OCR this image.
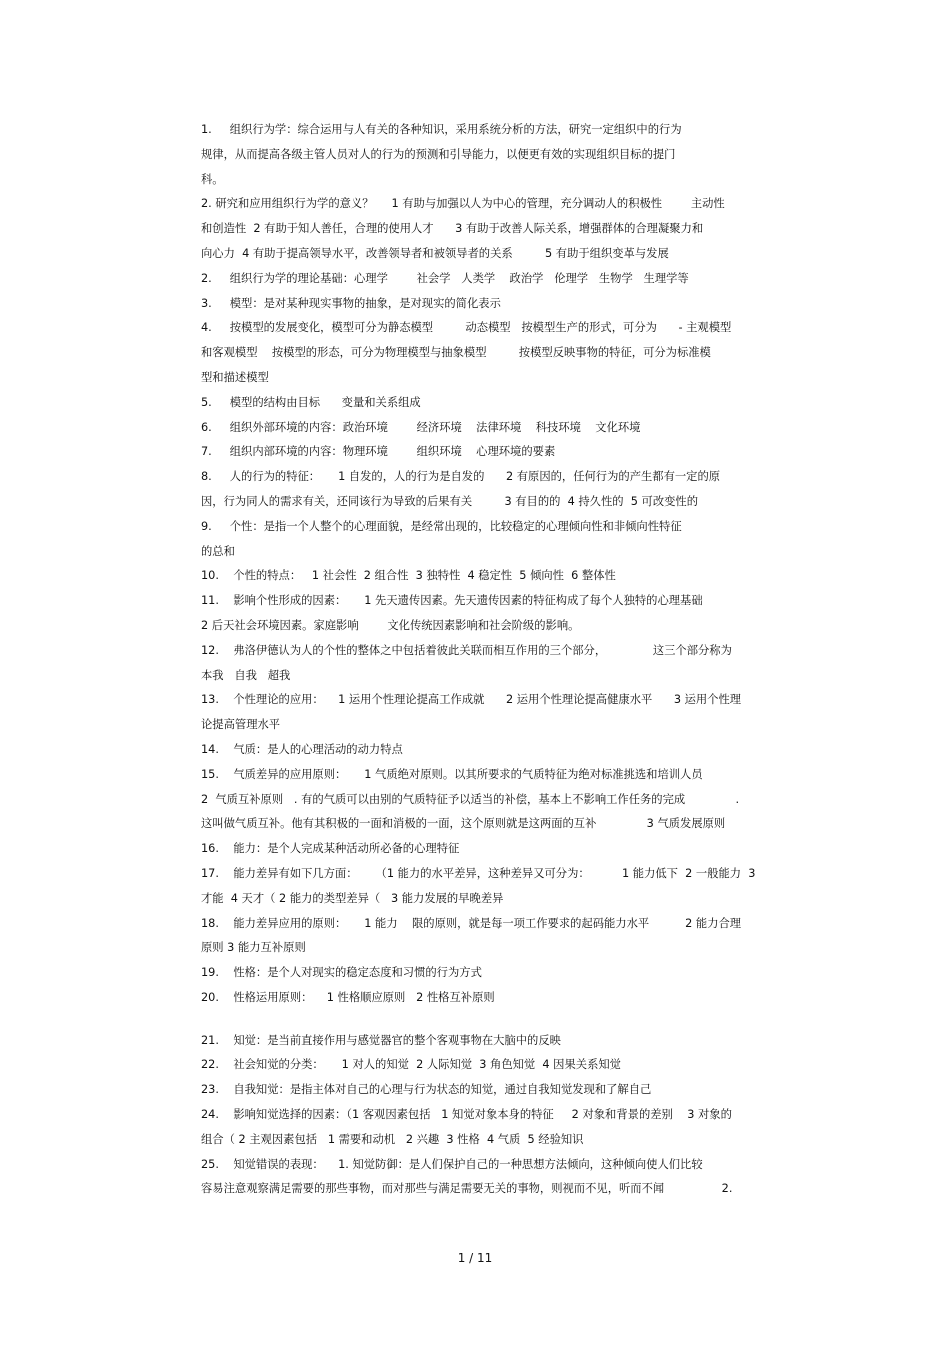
1.     组织行为学：综合运用与人有关的各种知识，采用系统分析的方法，研究一定组织中的行为
规律，从而提高各级主管人员对人的行为的预测和引导能力，以便更有效的实现组织目标的提门
科。
2. 研究和应用组织行为学的意义？     1 有助与加强以人为中心的管理，充分调动人的积极性        主动性
和创造性  2 有助于知人善任，合理的使用人才      3 有助于改善人际关系，增强群体的合理凝聚力和
向心力  4 有助于提高领导水平，改善领导者和被领导者的关系         5 有助于组织变革与发展
2.     组织行为学的理论基础：心理学        社会学   人类学    政治学   伦理学   生物学   生理学等
3.     模型：是对某种现实事物的抽象，是对现实的简化表示
4.     按模型的发展变化，模型可分为静态模型         动态模型   按模型生产的形式，可分为      - 主观模型
和客观模型    按模型的形态，可分为物理模型与抽象模型         按模型反映事物的特征，可分为标准模
型和描述模型
5.     模型的结构由目标      变量和关系组成
6.     组织外部环境的内容：政治环境        经济环境    法律环境    科技环境    文化环境
7.     组织内部环境的内容：物理环境        组织环境    心理环境的要素
8.     人的行为的特征：     1 自发的，人的行为是自发的      2 有原因的，任何行为的产生都有一定的原
因，行为同人的需求有关，还同该行为导致的后果有关         3 有目的的  4 持久性的  5 可改变性的
9.     个性：是指一个人整个的心理面貌，是经常出现的，比较稳定的心理倾向性和非倾向性特征
的总和
10.    个性的特点：   1 社会性  2 组合性  3 独特性  4 稳定性  5 倾向性  6 整体性
11.    影响个性形成的因素：     1 先天遗传因素。先天遗传因素的特征构成了每个人独特的心理基础
2 后天社会环境因素。家庭影响        文化传统因素影响和社会阶级的影响。
12.    弗洛伊德认为人的个性的整体之中包括着彼此关联而相互作用的三个部分，             这三个部分称为
本我   自我   超我
13.    个性理论的应用：    1 运用个性理论提高工作成就      2 运用个性理论提高健康水平      3 运用个性理
论提高管理水平
14.    气质：是人的心理活动的动力特点
15.    气质差异的应用原则：     1 气质绝对原则。以其所要求的气质特征为绝对标准挑选和培训人员
2  气质互补原则   . 有的气质可以由别的气质特征予以适当的补偿，基本上不影响工作任务的完成              .
这叫做气质互补。他有其积极的一面和消极的一面，这个原则就是这两面的互补              3 气质发展原则
16.    能力：是个人完成某种活动所必备的心理特征
17.    能力差异有如下几方面：     （1 能力的水平差异，这种差异又可分为：         1 能力低下  2 一般能力  3
才能  4 天才（ 2 能力的类型差异（   3 能力发展的早晚差异
18.    能力差异应用的原则：     1 能力    限的原则，就是每一项工作要求的起码能力水平          2 能力合理
原则 3 能力互补原则
19.    性格：是个人对现实的稳定态度和习惯的行为方式
20.    性格运用原则：    1 性格顺应原则   2 性格互补原则
21.    知觉：是当前直接作用与感觉器官的整个客观事物在大脑中的反映
22.    社会知觉的分类：     1 对人的知觉  2 人际知觉  3 角色知觉  4 因果关系知觉
23.    自我知觉：是指主体对自己的心理与行为状态的知觉，通过自我知觉发现和了解自己
24.    影响知觉选择的因素：（1 客观因素包括   1 知觉对象本身的特征     2 对象和背景的差别    3 对象的
组合（ 2 主观因素包括   1 需要和动机   2 兴趣  3 性格  4 气质  5 经验知识
25.    知觉错误的表现：    1. 知觉防御：是人们保护自己的一种思想方法倾向，这种倾向使人们比较
容易注意观察满足需要的那些事物，而对那些与满足需要无关的事物，则视而不见，听而不闻                2.
1 / 11
